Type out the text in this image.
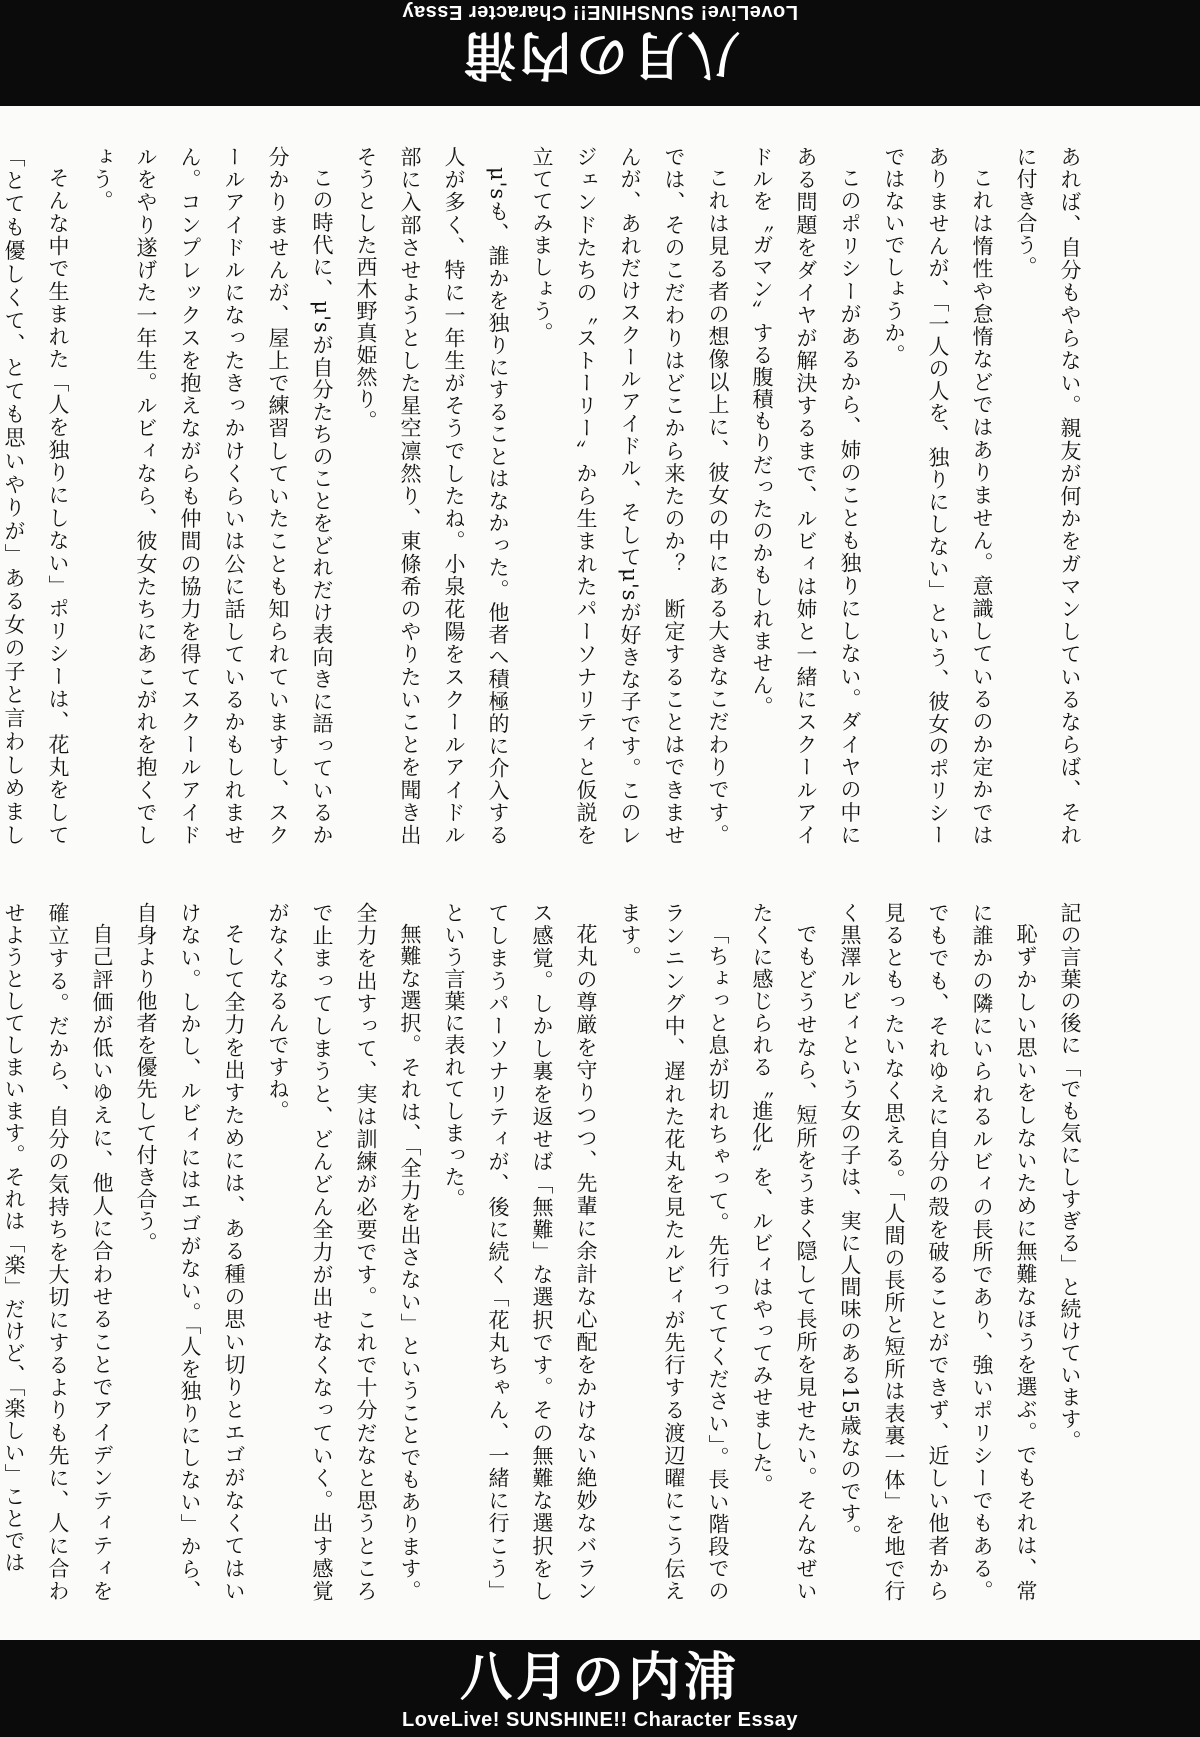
八月の内浦
LoveLive! SUNSHINE!! Character Essay

あれば、自分もやらない。親友が何かをガマンしているならば、それに付き合う。

これは惰性や怠惰などではありません。意識しているのか定かではありませんが、「一人の人を、独りにしない」という、彼女のポリシーではないでしょうか。

このポリシーがあるから、姉のことも独りにしない。ダイヤの中にある問題をダイヤが解決するまで、ルビィは姉と一緒にスクールアイドルを〝ガマン〟する腹積もりだったのかもしれません。

これは見る者の想像以上に、彼女の中にある大きなこだわりです。では、そのこだわりはどこから来たのか？　断定することはできませんが、あれだけスクールアイドル、そしてμ'sが好きな子です。このレジェンドたちの〝ストーリー〟から生まれたパーソナリティと仮説を立ててみましょう。

μ'sも、誰かを独りにすることはなかった。他者へ積極的に介入する人が多く、特に一年生がそうでしたね。小泉花陽をスクールアイドル部に入部させようとした星空凛然り、東條希のやりたいことを聞き出そうとした西木野真姫然り。

この時代に、μ'sが自分たちのことをどれだけ表向きに語っているか分かりませんが、屋上で練習していたことも知られていますし、スクールアイドルになったきっかけくらいは公に話しているかもしれません。コンプレックスを抱えながらも仲間の協力を得てスクールアイドルをやり遂げた一年生。ルビィなら、彼女たちにあこがれを抱くでしょう。

そんな中で生まれた「人を独りにしない」ポリシーは、花丸をして「とても優しくて、とても思いやりが」ある女の子と言わしめまし

記の言葉の後に「でも気にしすぎる」と続けています。

恥ずかしい思いをしないために無難なほうを選ぶ。でもそれは、常に誰かの隣にいられるルビィの長所であり、強いポリシーでもある。でもでも、それゆえに自分の殻を破ることができず、近しい他者から見るともったいなく思える。「人間の長所と短所は表裏一体」を地で行く黒澤ルビィという女の子は、実に人間味のある15歳なのです。

でもどうせなら、短所をうまく隠して長所を見せたい。そんなぜいたくに感じられる〝進化〟を、ルビィはやってみせました。

「ちょっと息が切れちゃって。先行っててください」。長い階段でのランニング中、遅れた花丸を見たルビィが先行する渡辺曜にこう伝えます。

花丸の尊厳を守りつつ、先輩に余計な心配をかけない絶妙なバランス感覚。しかし裏を返せば「無難」な選択です。その無難な選択をしてしまうパーソナリティが、後に続く「花丸ちゃん、一緒に行こう」という言葉に表れてしまった。

無難な選択。それは、「全力を出さない」ということでもあります。全力を出すって、実は訓練が必要です。これで十分だなと思うところで止まってしまうと、どんどん全力が出せなくなっていく。出す感覚がなくなるんですね。

そして全力を出すためには、ある種の思い切りとエゴがなくてはいけない。しかし、ルビィにはエゴがない。「人を独りにしない」から、自身より他者を優先して付き合う。

自己評価が低いゆえに、他人に合わせることでアイデンティティを確立する。だから、自分の気持ちを大切にするよりも先に、人に合わせようとしてしまいます。それは「楽」だけど、「楽しい」ことでは

八月の内浦
LoveLive! SUNSHINE!! Character Essay
